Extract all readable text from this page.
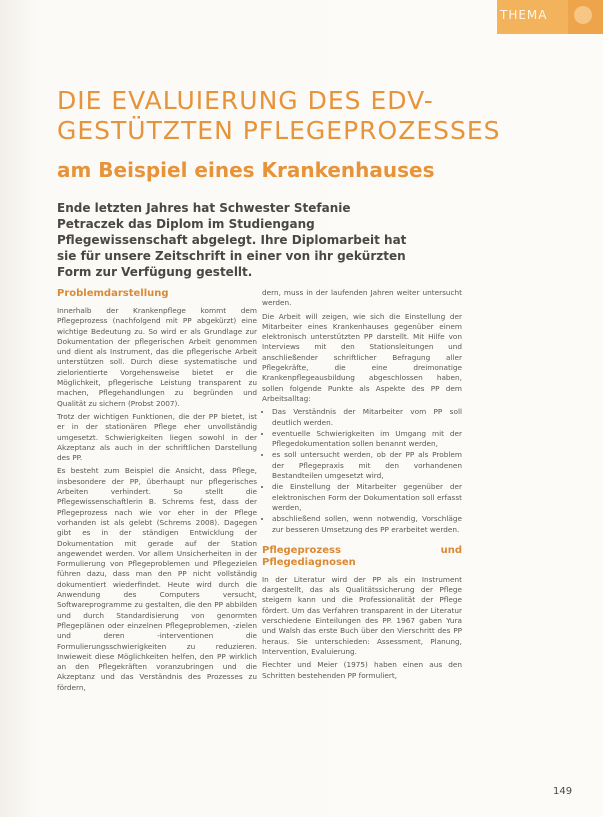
THEMA
DIE EVALUIERUNG DES EDV-GESTÜTZTEN PFLEGEPROZESSES
am Beispiel eines Krankenhauses

Ende letzten Jahres hat Schwester Stefanie Petraczek das Diplom im Studiengang Pflegewissenschaft abgelegt. Ihre Diplomarbeit hat sie für unsere Zeitschrift in einer von ihr gekürzten Form zur Verfügung gestellt.

Problemdarstellung

Innerhalb der Krankenpflege kommt dem Pflegeprozess (nachfolgend mit PP abgekürzt) eine wichtige Bedeutung zu. So wird er als Grundlage zur Dokumentation der pflegerischen Arbeit genommen und dient als Instrument, das die pflegerische Arbeit unterstützen soll. Durch diese systematische und zielorientierte Vorgehensweise bietet er die Möglichkeit, pflegerische Leistung transparent zu machen, Pflegehandlungen zu begründen und Qualität zu sichern (Probst 2007).

Trotz der wichtigen Funktionen, die der PP bietet, ist er in der stationären Pflege eher unvollständig umgesetzt. Schwierigkeiten liegen sowohl in der Akzeptanz als auch in der schriftlichen Darstellung des PP.

Es besteht zum Beispiel die Ansicht, dass Pflege, insbesondere der PP, überhaupt nur pflegerisches Arbeiten verhindert. So stellt die Pflegewissenschaftlerin B. Schrems fest, dass der Pflegeprozess nach wie vor eher in der Pflege vorhanden ist als gelebt (Schrems 2008). Dagegen gibt es in der ständigen Entwicklung der Dokumentation mit gerade auf der Station angewendet werden. Vor allem Unsicherheiten in der Formulierung von Pflegeproblemen und Pflegezielen führen dazu, dass man den PP nicht vollständig dokumentiert wiederfindet. Heute wird durch die Anwendung des Computers versucht, Softwareprogramme zu gestalten, die den PP abbilden und durch Standardisierung von genormten Pflegeplänen oder einzelnen Pflegeproblemen, -zielen und deren -interventionen die Formulierungsschwierigkeiten zu reduzieren. Inwieweit diese Möglichkeiten helfen, den PP wirklich an den Pflegekräften voranzubringen und die Akzeptanz und das Verständnis des Prozesses zu fördern,

dern, muss in der laufenden Jahren weiter untersucht werden.

Die Arbeit will zeigen, wie sich die Einstellung der Mitarbeiter eines Krankenhauses gegenüber einem elektronisch unterstützten PP darstellt. Mit Hilfe von Interviews mit den Stationsleitungen und anschließender schriftlicher Befragung aller Pflegekräfte, die eine dreimonatige Krankenpflegeausbildung abgeschlossen haben, sollen folgende Punkte als Aspekte des PP dem Arbeitsalltag:

• Das Verständnis der Mitarbeiter vom PP soll deutlich werden.
• eventuelle Schwierigkeiten im Umgang mit der Pflegedokumentation sollen benannt werden,
• es soll untersucht werden, ob der PP als Problem der Pflegepraxis mit den vorhandenen Bestandteilen umgesetzt wird,
• die Einstellung der Mitarbeiter gegenüber der elektronischen Form der Dokumentation soll erfasst werden,
• abschließend sollen, wenn notwendig, Vorschläge zur besseren Umsetzung des PP erarbeitet werden.
Pflegeprozess und Pflegediagnosen

In der Literatur wird der PP als ein Instrument dargestellt, das als Qualitätssicherung der Pflege steigern kann und die Professionalität der Pflege fördert. Um das Verfahren transparent in der Literatur verschiedene Einteilungen des PP. 1967 gaben Yura und Walsh das erste Buch über den Vierschritt des PP heraus. Sie unterschieden: Assessment, Planung, Intervention, Evaluierung.

Fiechter und Meier (1975) haben einen aus den Schritten bestehenden PP formuliert,

149
